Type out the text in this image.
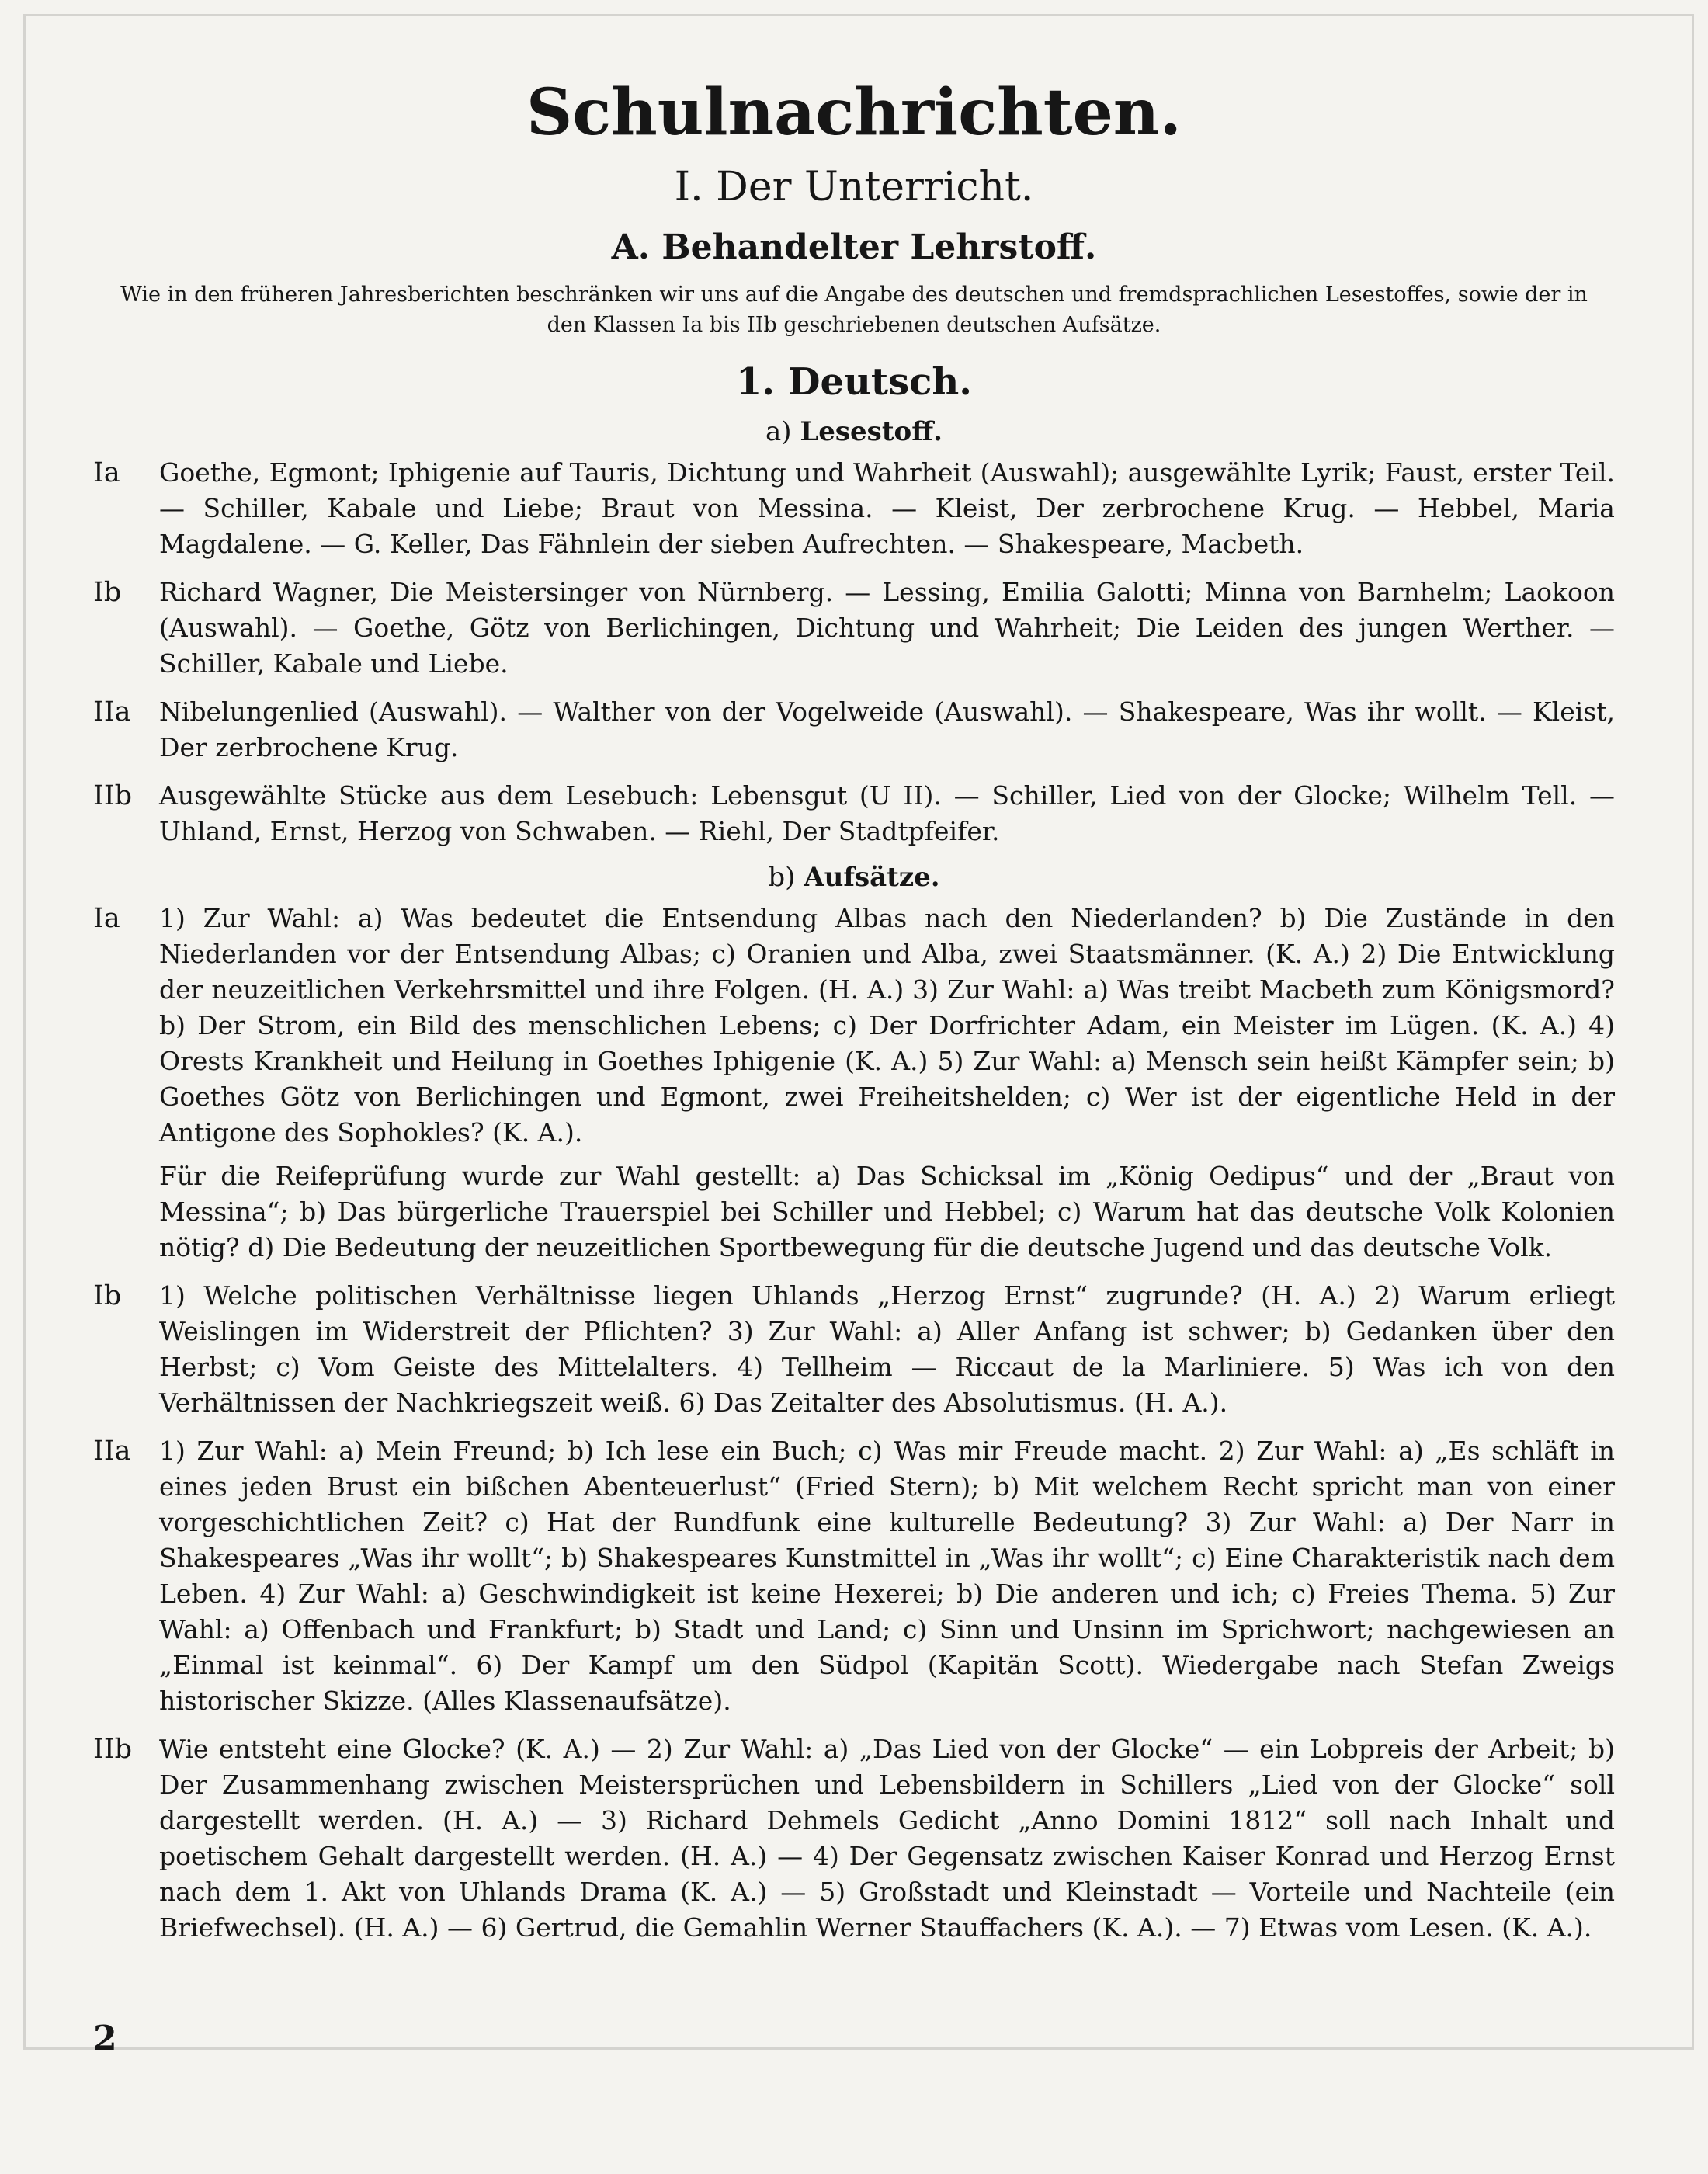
Schulnachrichten.
I. Der Unterricht.
A. Behandelter Lehrstoff.

Wie in den früheren Jahresberichten beschränken wir uns auf die Angabe des deutschen und fremdsprachlichen Lesestoffes, sowie der in den Klassen Ia bis IIb geschriebenen deutschen Aufsätze.

1. Deutsch.
a) Lesestoff.
Ia	Goethe, Egmont; Iphigenie auf Tauris, Dichtung und Wahrheit (Auswahl); ausgewählte Lyrik; Faust, erster Teil. — Schiller, Kabale und Liebe; Braut von Messina. — Kleist, Der zerbrochene Krug. — Hebbel, Maria Magdalene. — G. Keller, Das Fähnlein der sieben Aufrechten. — Shakespeare, Macbeth.
Ib	Richard Wagner, Die Meistersinger von Nürnberg. — Lessing, Emilia Galotti; Minna von Barnhelm; Laokoon (Auswahl). — Goethe, Götz von Berlichingen, Dichtung und Wahrheit; Die Leiden des jungen Werther. — Schiller, Kabale und Liebe.
IIa	Nibelungenlied (Auswahl). — Walther von der Vogelweide (Auswahl). — Shakespeare, Was ihr wollt. — Kleist, Der zerbrochene Krug.
IIb	Ausgewählte Stücke aus dem Lesebuch: Lebensgut (U II). — Schiller, Lied von der Glocke; Wilhelm Tell. — Uhland, Ernst, Herzog von Schwaben. — Riehl, Der Stadtpfeifer.
b) Aufsätze.
Ia	1) Zur Wahl: a) Was bedeutet die Entsendung Albas nach den Niederlanden? b) Die Zustände in den Niederlanden vor der Entsendung Albas; c) Oranien und Alba, zwei Staatsmänner. (K. A.) 2) Die Entwicklung der neuzeitlichen Verkehrsmittel und ihre Folgen. (H. A.) 3) Zur Wahl: a) Was treibt Macbeth zum Königsmord? b) Der Strom, ein Bild des menschlichen Lebens; c) Der Dorfrichter Adam, ein Meister im Lügen. (K. A.) 4) Orests Krankheit und Heilung in Goethes Iphigenie (K. A.) 5) Zur Wahl: a) Mensch sein heißt Kämpfer sein; b) Goethes Götz von Berlichingen und Egmont, zwei Freiheitshelden; c) Wer ist der eigentliche Held in der Antigone des Sophokles? (K. A.).

Für die Reifeprüfung wurde zur Wahl gestellt: a) Das Schicksal im „König Oedipus“ und der „Braut von Messina“; b) Das bürgerliche Trauerspiel bei Schiller und Hebbel; c) Warum hat das deutsche Volk Kolonien nötig? d) Die Bedeutung der neuzeitlichen Sportbewegung für die deutsche Jugend und das deutsche Volk.

Ib	1) Welche politischen Verhältnisse liegen Uhlands „Herzog Ernst“ zugrunde? (H. A.) 2) Warum erliegt Weislingen im Widerstreit der Pflichten? 3) Zur Wahl: a) Aller Anfang ist schwer; b) Gedanken über den Herbst; c) Vom Geiste des Mittelalters. 4) Tellheim — Riccaut de la Marliniere. 5) Was ich von den Verhältnissen der Nachkriegszeit weiß. 6) Das Zeitalter des Absolutismus. (H. A.).
IIa	1) Zur Wahl: a) Mein Freund; b) Ich lese ein Buch; c) Was mir Freude macht. 2) Zur Wahl: a) „Es schläft in eines jeden Brust ein bißchen Abenteuerlust“ (Fried Stern); b) Mit welchem Recht spricht man von einer vorgeschichtlichen Zeit? c) Hat der Rundfunk eine kulturelle Bedeutung? 3) Zur Wahl: a) Der Narr in Shakespeares „Was ihr wollt“; b) Shakespeares Kunstmittel in „Was ihr wollt“; c) Eine Charakteristik nach dem Leben. 4) Zur Wahl: a) Geschwindigkeit ist keine Hexerei; b) Die anderen und ich; c) Freies Thema. 5) Zur Wahl: a) Offenbach und Frankfurt; b) Stadt und Land; c) Sinn und Unsinn im Sprichwort; nachgewiesen an „Einmal ist keinmal“. 6) Der Kampf um den Südpol (Kapitän Scott). Wiedergabe nach Stefan Zweigs historischer Skizze. (Alles Klassenaufsätze).
IIb	Wie entsteht eine Glocke? (K. A.) — 2) Zur Wahl: a) „Das Lied von der Glocke“ — ein Lobpreis der Arbeit; b) Der Zusammenhang zwischen Meistersprüchen und Lebensbildern in Schillers „Lied von der Glocke“ soll dargestellt werden. (H. A.) — 3) Richard Dehmels Gedicht „Anno Domini 1812“ soll nach Inhalt und poetischem Gehalt dargestellt werden. (H. A.) — 4) Der Gegensatz zwischen Kaiser Konrad und Herzog Ernst nach dem 1. Akt von Uhlands Drama (K. A.) — 5) Großstadt und Kleinstadt — Vorteile und Nachteile (ein Briefwechsel). (H. A.) — 6) Gertrud, die Gemahlin Werner Stauffachers (K. A.). — 7) Etwas vom Lesen. (K. A.).
2
